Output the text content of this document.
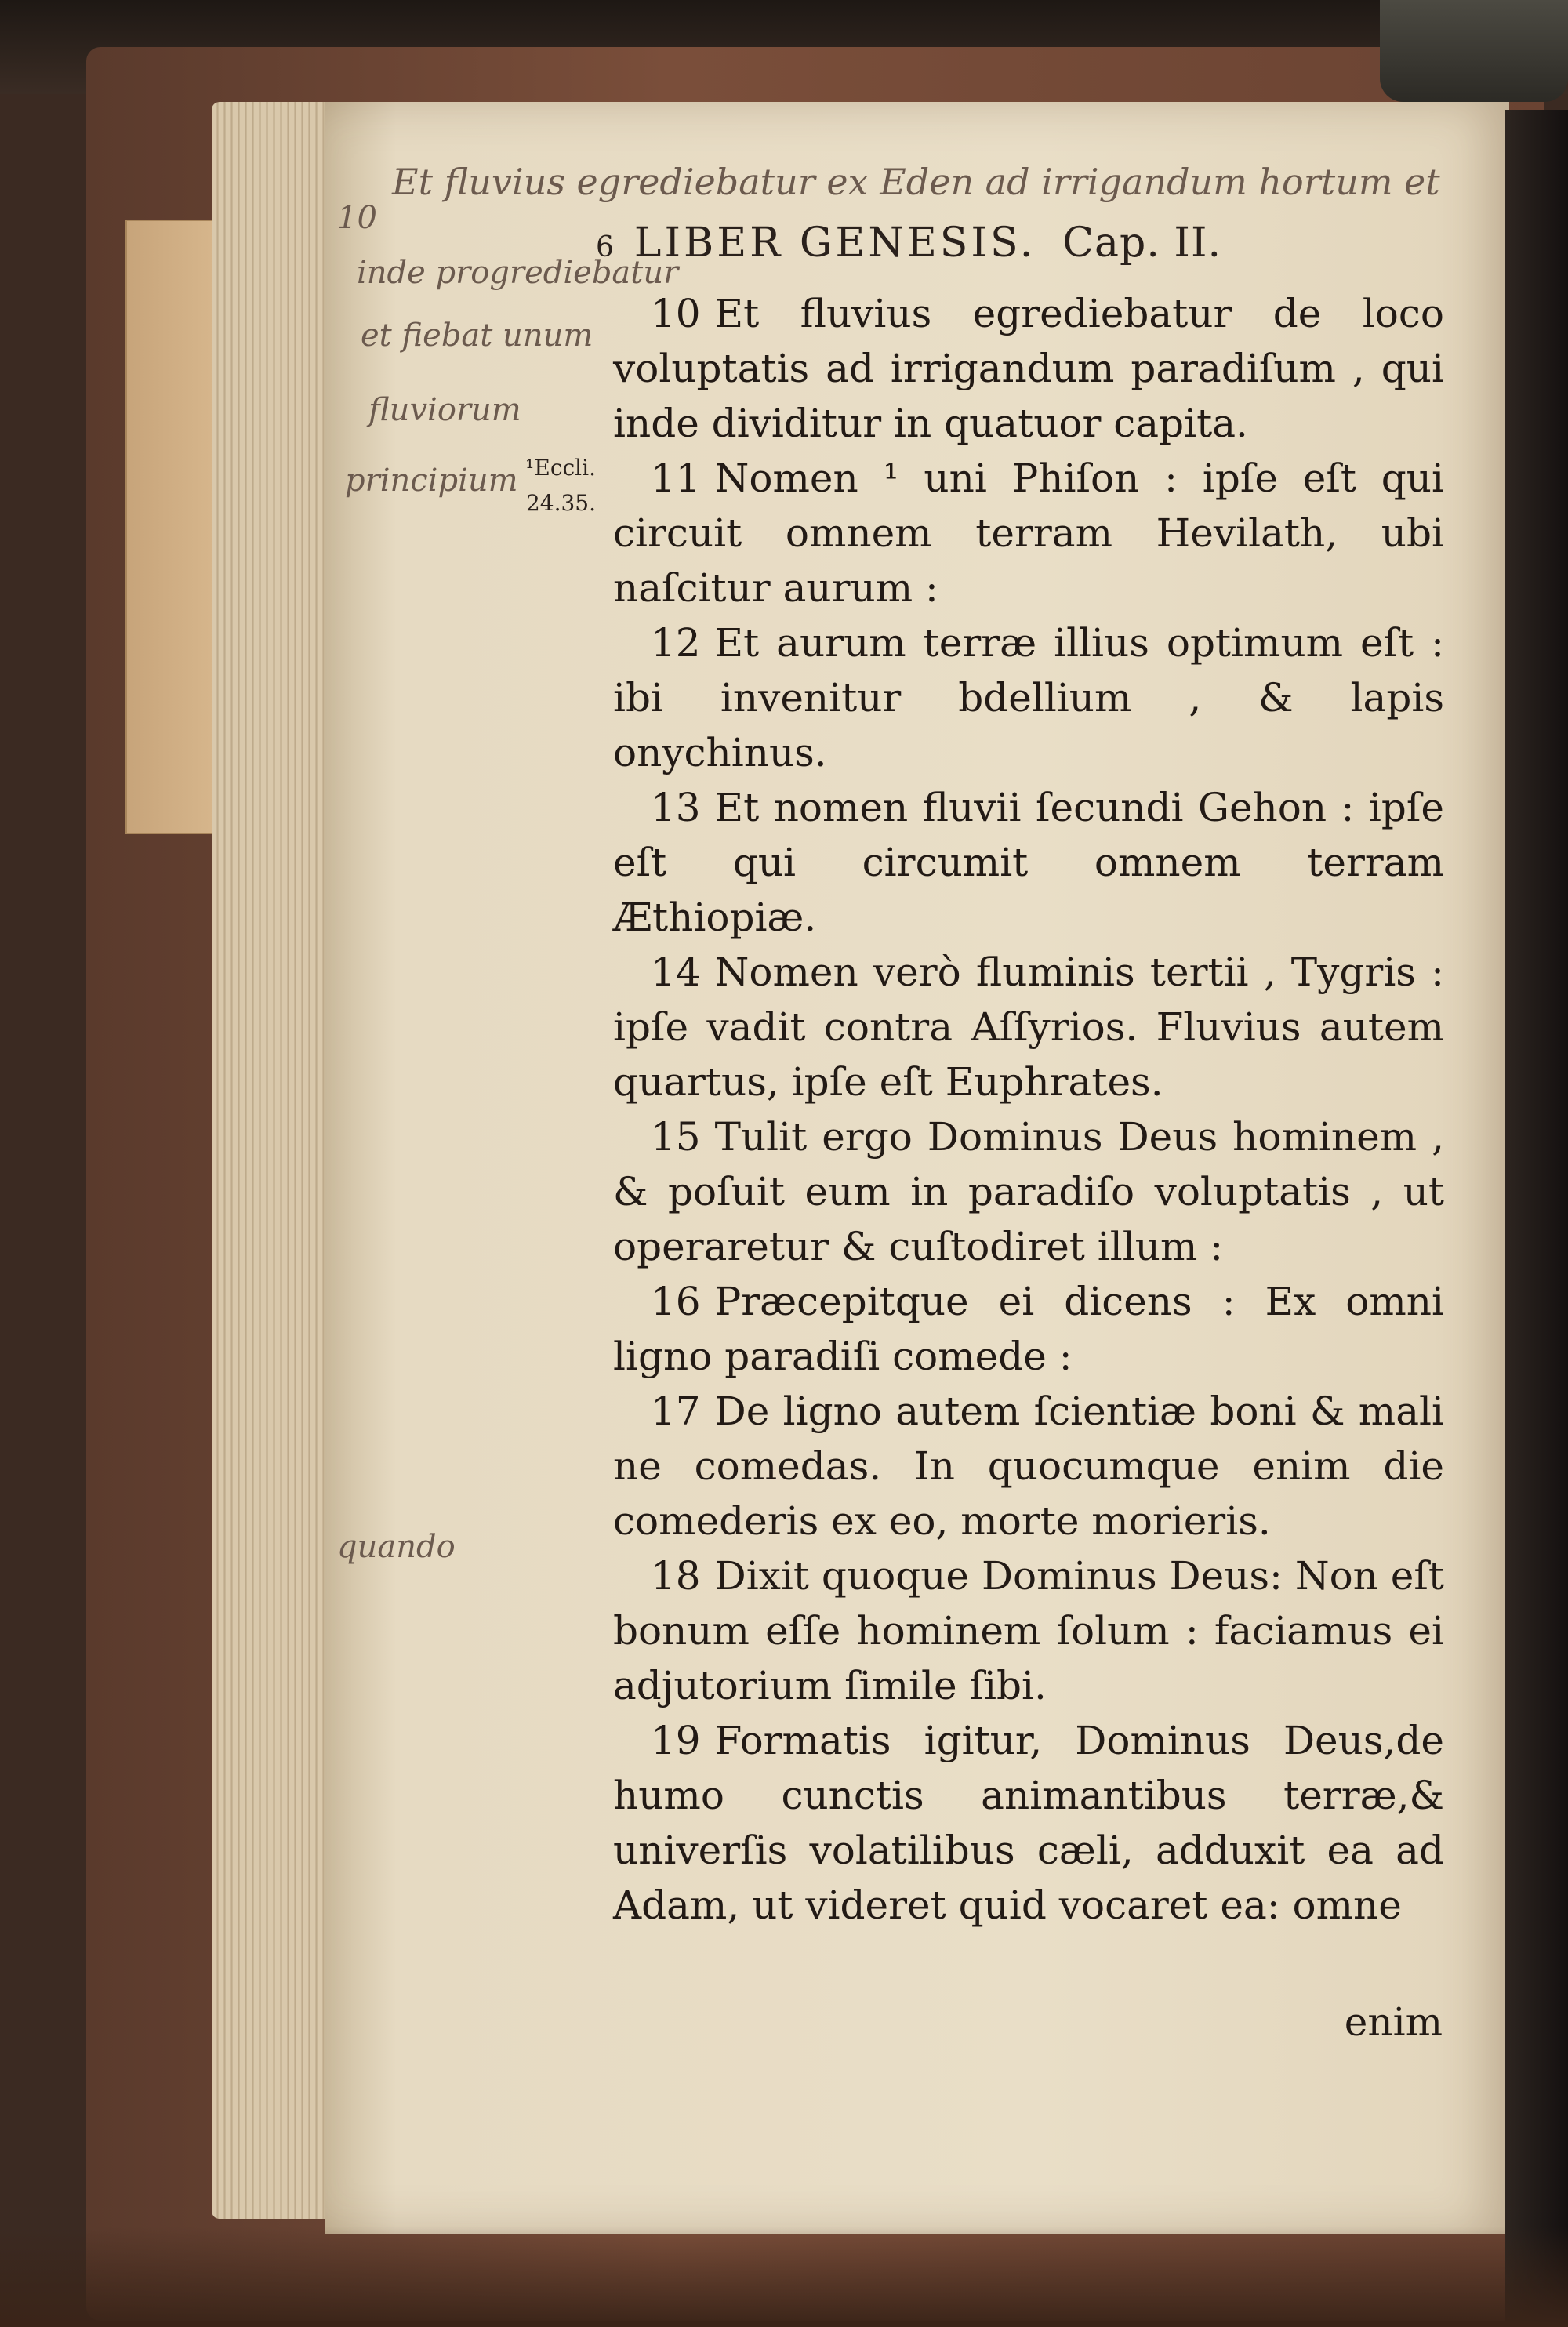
Et fluvius egrediebatur ex Eden ad irrigandum hortum et
10
inde progrediebatur
et fiebat unum
fluviorum
principium
quando
¹Eccli.
24.35.
6 LIBER GENESIS. Cap. II.

10 Et fluvius egrediebatur de loco voluptatis ad irrigandum paradiſum , qui inde dividitur in quatuor capita.

11 Nomen ¹ uni Phiſon : ipſe eſt qui circuit omnem terram Hevilath, ubi naſcitur aurum :

12 Et aurum terræ illius optimum eſt : ibi invenitur bdellium , & lapis onychinus.

13 Et nomen fluvii ſecundi Gehon : ipſe eſt qui circumit omnem terram Æthiopiæ.

14 Nomen verò fluminis tertii , Tygris : ipſe vadit contra Aſſyrios. Fluvius autem quartus, ipſe eſt Euphrates.

15 Tulit ergo Dominus Deus hominem , & poſuit eum in paradiſo voluptatis , ut operaretur & cuſtodiret illum :

16 Præcepitque ei dicens : Ex omni ligno paradiſi comede :

17 De ligno autem ſcientiæ boni & mali ne comedas. In quocumque enim die comederis ex eo, morte morieris.

18 Dixit quoque Dominus Deus: Non eſt bonum eſſe hominem ſolum : faciamus ei adjutorium ſimile ſibi.

19 Formatis igitur, Dominus Deus,de humo cunctis animantibus terræ,& univerſis volatilibus cæli, adduxit ea ad Adam, ut videret quid vocaret ea: omne

enim
